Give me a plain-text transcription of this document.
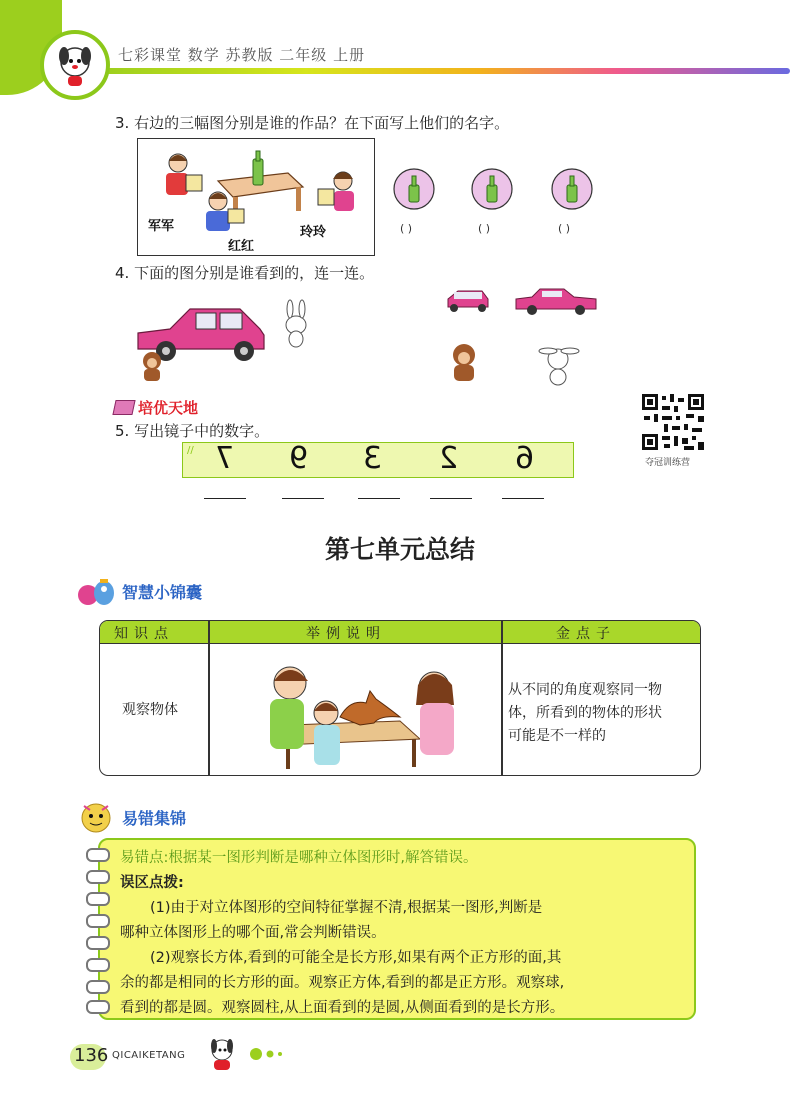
七彩课堂 数学 苏教版 二年级 上册
3. 右边的三幅图分别是谁的作品？在下面写上他们的名字。
军军
红红
玲玲	( )	( )	( )
4. 下面的图分别是谁看到的，连一连。
培优天地
夺冠训练营
5. 写出镜子中的数字。
// 7 9 3 2 6
第七单元总结
智慧小锦囊
知识点	举例说明	金点子
观察物体
从不同的角度观察同一物
体，所看到的物体的形状
可能是不一样的
易错集锦

易错点:根据某一图形判断是哪种立体图形时,解答错误。

误区点拨:

(1)由于对立体图形的空间特征掌握不清,根据某一图形,判断是

哪种立体图形上的哪个面,常会判断错误。

(2)观察长方体,看到的可能全是长方形,如果有两个正方形的面,其

余的都是相同的长方形的面。观察正方体,看到的都是正方形。观察球,

看到的都是圆。观察圆柱,从上面看到的是圆,从侧面看到的是长方形。

136 QICAIKETANG
